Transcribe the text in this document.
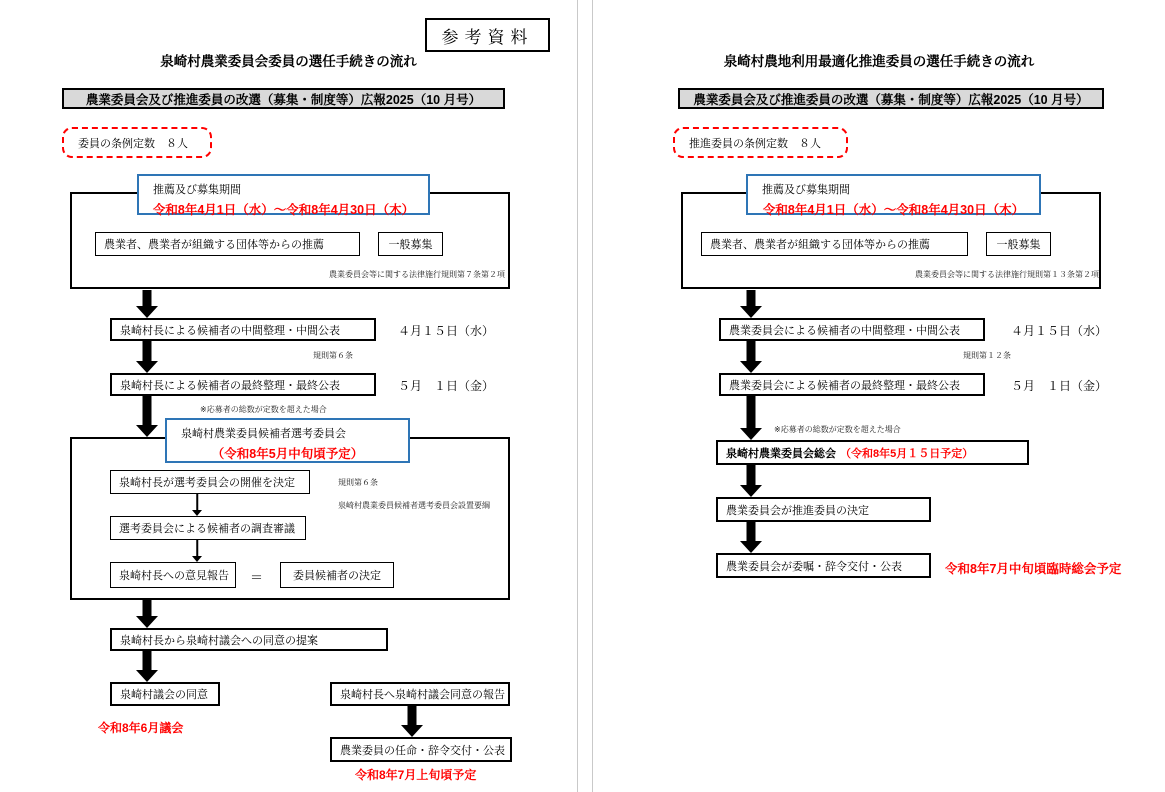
参考資料
泉崎村農業委員会委員の選任手続きの流れ
農業委員会及び推進委員の改選（募集・制度等）広報2025（10 月号）
委員の条例定数　８人
推薦及び募集期間
令和8年4月1日（水）～令和8年4月30日（木）
農業者、農業者が組織する団体等からの推薦	一般募集
農業委員会等に関する法律施行規則第７条第２項
泉崎村長による候補者の中間整理・中間公表	４月１５日（水）
規則第６条
泉崎村長による候補者の最終整理・最終公表	５月　１日（金）
※応募者の総数が定数を超えた場合
泉崎村農業委員候補者選考委員会
（令和8年5月中旬頃予定）
泉崎村長が選考委員会の開催を決定	規則第６条
泉崎村農業委員候補者選考委員会設置要綱
選考委員会による候補者の調査審議
泉崎村長への意見報告	＝	委員候補者の決定
泉崎村長から泉崎村議会への同意の提案
泉崎村議会の同意
令和8年6月議会
泉崎村長へ泉崎村議会同意の報告
農業委員の任命・辞令交付・公表
令和8年7月上旬頃予定
泉崎村農地利用最適化推進委員の選任手続きの流れ
農業委員会及び推進委員の改選（募集・制度等）広報2025（10 月号）
推進委員の条例定数　８人
推薦及び募集期間
令和8年4月1日（水）～令和8年4月30日（木）
農業者、農業者が組織する団体等からの推薦	一般募集
農業委員会等に関する法律施行規則第１３条第２項
農業委員会による候補者の中間整理・中間公表	４月１５日（水）
規則第１２条
農業委員会による候補者の最終整理・最終公表	５月　１日（金）
※応募者の総数が定数を超えた場合
泉崎村農業委員会総会 （令和8年5月１５日予定）
農業委員会が推進委員の決定
農業委員会が委嘱・辞令交付・公表	令和8年7月中旬頃臨時総会予定
